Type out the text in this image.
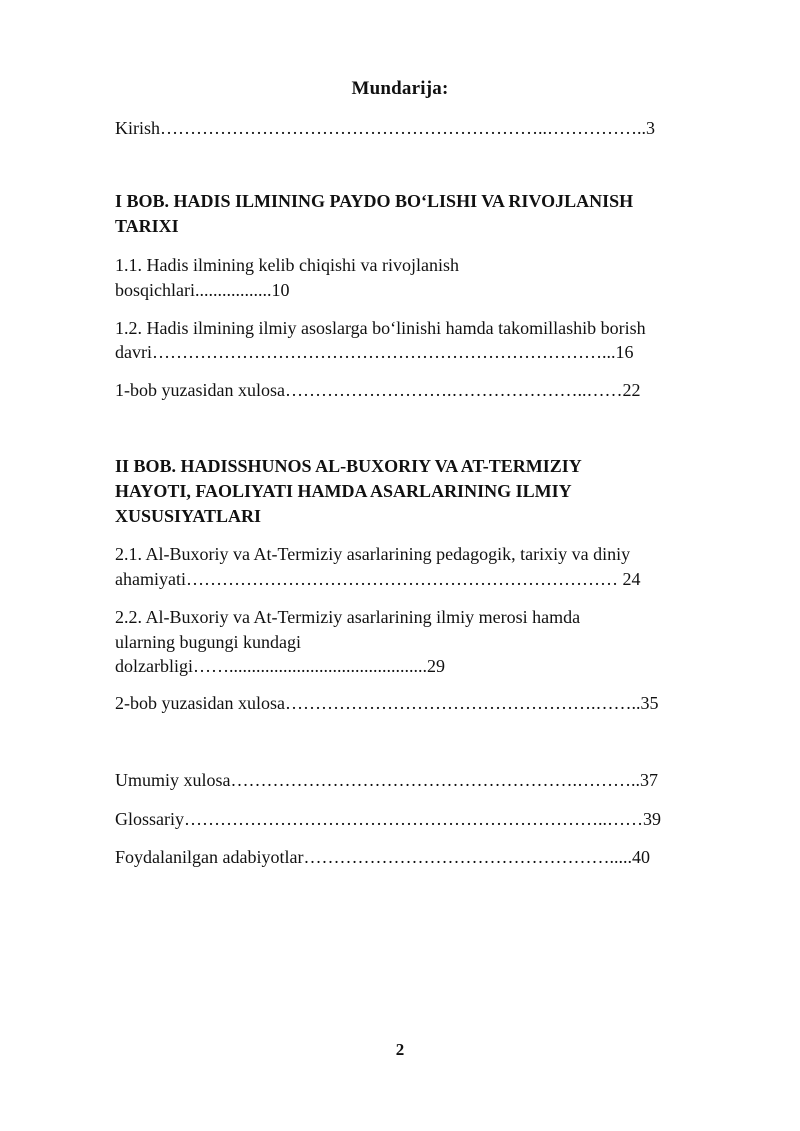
Mundarija:
Kirish………………………………………………………..……………..3
I BOB. HADIS ILMINING PAYDO BOʻLISHI VA RIVOJLANISH
TARIXI
1.1. Hadis ilmining kelib chiqishi va rivojlanish
bosqichlari.................10
1.2. Hadis ilmining ilmiy asoslarga boʻlinishi hamda takomillashib borish
davri…………………………………………………………………...16
1-bob yuzasidan xulosa……………………….…………………..……22
II BOB. HADISSHUNOS AL-BUXORIY VA AT-TERMIZIY
HAYOTI, FAOLIYATI HAMDA ASARLARINING ILMIY
XUSUSIYATLARI
2.1. Al-Buxoriy va At-Termiziy asarlarining pedagogik, tarixiy va diniy
ahamiyati……………………………………………………………… 24
2.2. Al-Buxoriy va At-Termiziy asarlarining ilmiy merosi hamda
ularning bugungi kundagi
dolzarbligi……............................................29
2-bob yuzasidan xulosa…………………………………………….……..35
Umumiy xulosa………………………………………………….………..37
Glossariy……………………………………………………………..……39
Foydalanilgan adabiyotlar…………………………………………….....40
2
